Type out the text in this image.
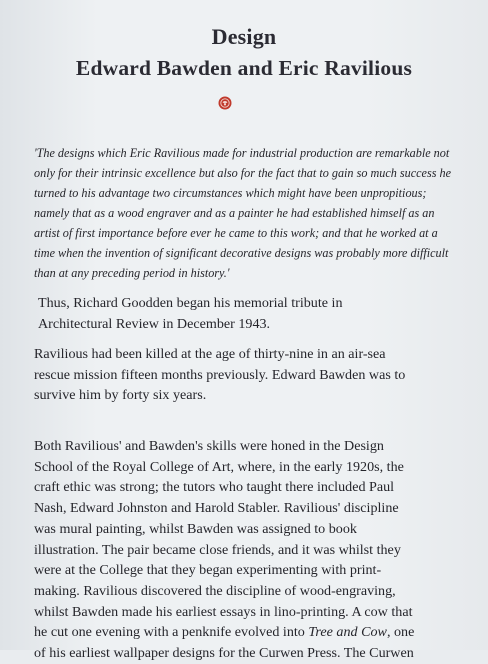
Design
Edward Bawden and Eric Ravilious

'The designs which Eric Ravilious made for industrial production are remarkable not
only for their intrinsic excellence but also for the fact that to gain so much success he
turned to his advantage two circumstances which might have been unpropitious;
namely that as a wood engraver and as a painter he had established himself as an
artist of first importance before ever he came to this work; and that he worked at a
time when the invention of significant decorative designs was probably more difficult
than at any preceding period in history.'

Thus, Richard Goodden began his memorial tribute in
Architectural Review in December 1943.

Ravilious had been killed at the age of thirty-nine in an air-sea
rescue mission fifteen months previously. Edward Bawden was to
survive him by forty six years.

Both Ravilious' and Bawden's skills were honed in the Design
School of the Royal College of Art, where, in the early 1920s, the
craft ethic was strong; the tutors who taught there included Paul
Nash, Edward Johnston and Harold Stabler. Ravilious' discipline
was mural painting, whilst Bawden was assigned to book
illustration. The pair became close friends, and it was whilst they
were at the College that they began experimenting with print-
making. Ravilious discovered the discipline of wood-engraving,
whilst Bawden made his earliest essays in lino-printing. A cow that
he cut one evening with a penknife evolved into Tree and Cow, one
of his earliest wallpaper designs for the Curwen Press. The Curwen
